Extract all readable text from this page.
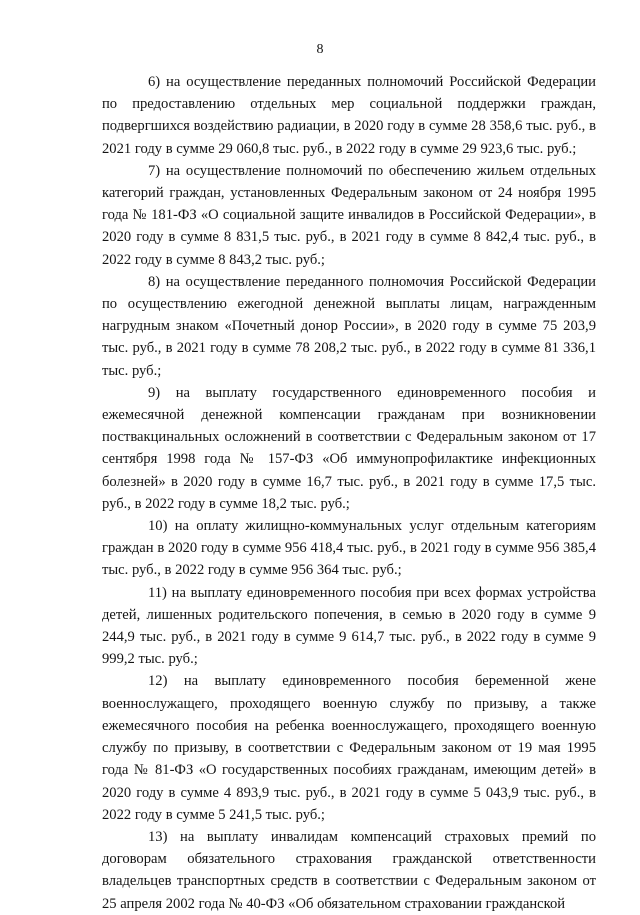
8

6) на осуществление переданных полномочий Российской Федерации по предоставлению отдельных мер социальной поддержки граждан, подвергшихся воздействию радиации, в 2020 году в сумме 28 358,6 тыс. руб., в 2021 году в сумме 29 060,8 тыс. руб., в 2022 году в сумме 29 923,6 тыс. руб.;

7) на осуществление полномочий по обеспечению жильем отдельных категорий граждан, установленных Федеральным законом от 24 ноября 1995 года № 181-ФЗ «О социальной защите инвалидов в Российской Федерации», в 2020 году в сумме 8 831,5 тыс. руб., в 2021 году в сумме 8 842,4 тыс. руб., в 2022 году в сумме 8 843,2 тыс. руб.;

8) на осуществление переданного полномочия Российской Федерации по осуществлению ежегодной денежной выплаты лицам, награжденным нагрудным знаком «Почетный донор России», в 2020 году в сумме 75 203,9 тыс. руб., в 2021 году в сумме 78 208,2 тыс. руб., в 2022 году в сумме 81 336,1 тыс. руб.;

9) на выплату государственного единовременного пособия и ежемесячной денежной компенсации гражданам при возникновении поствакцинальных осложнений в соответствии с Федеральным законом от 17 сентября 1998 года № 157-ФЗ «Об иммунопрофилактике инфекционных болезней» в 2020 году в сумме 16,7 тыс. руб., в 2021 году в сумме 17,5 тыс. руб., в 2022 году в сумме 18,2 тыс. руб.;

10) на оплату жилищно-коммунальных услуг отдельным категориям граждан в 2020 году в сумме 956 418,4 тыс. руб., в 2021 году в сумме 956 385,4 тыс. руб., в 2022 году в сумме 956 364 тыс. руб.;

11) на выплату единовременного пособия при всех формах устройства детей, лишенных родительского попечения, в семью в 2020 году в сумме 9 244,9 тыс. руб., в 2021 году в сумме 9 614,7 тыс. руб., в 2022 году в сумме 9 999,2 тыс. руб.;

12) на выплату единовременного пособия беременной жене военнослужащего, проходящего военную службу по призыву, а также ежемесячного пособия на ребенка военнослужащего, проходящего военную службу по призыву, в соответствии с Федеральным законом от 19 мая 1995 года № 81-ФЗ «О государственных пособиях гражданам, имеющим детей» в 2020 году в сумме 4 893,9 тыс. руб., в 2021 году в сумме 5 043,9 тыс. руб., в 2022 году в сумме 5 241,5 тыс. руб.;

13) на выплату инвалидам компенсаций страховых премий по договорам обязательного страхования гражданской ответственности владельцев транспортных средств в соответствии с Федеральным законом от 25 апреля 2002 года № 40-ФЗ «Об обязательном страховании гражданской
